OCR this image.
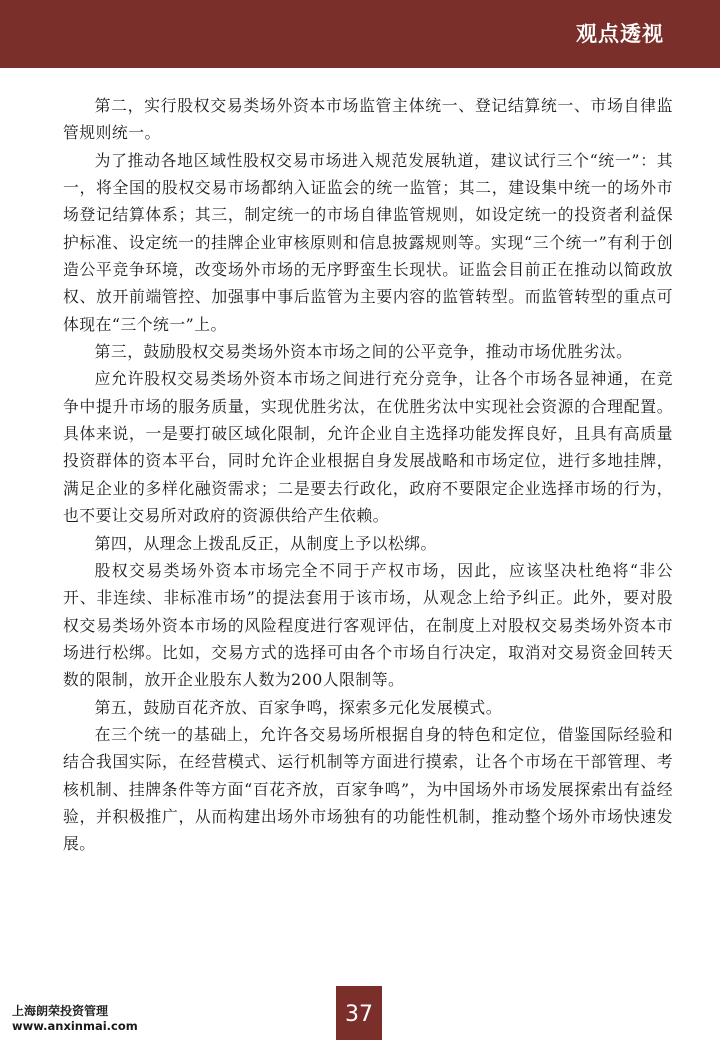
观点透视

第二，实行股权交易类场外资本市场监管主体统一、登记结算统一、市场自律监管规则统一。

为了推动各地区域性股权交易市场进入规范发展轨道，建议试行三个“统一”：其一，将全国的股权交易市场都纳入证监会的统一监管；其二，建设集中统一的场外市场登记结算体系；其三，制定统一的市场自律监管规则，如设定统一的投资者利益保护标准、设定统一的挂牌企业审核原则和信息披露规则等。实现“三个统一”有利于创造公平竞争环境，改变场外市场的无序野蛮生长现状。证监会目前正在推动以简政放权、放开前端管控、加强事中事后监管为主要内容的监管转型。而监管转型的重点可体现在“三个统一”上。

第三，鼓励股权交易类场外资本市场之间的公平竞争，推动市场优胜劣汰。

应允许股权交易类场外资本市场之间进行充分竞争，让各个市场各显神通，在竞争中提升市场的服务质量，实现优胜劣汰，在优胜劣汰中实现社会资源的合理配置。具体来说，一是要打破区域化限制，允许企业自主选择功能发挥良好，且具有高质量投资群体的资本平台，同时允许企业根据自身发展战略和市场定位，进行多地挂牌，满足企业的多样化融资需求；二是要去行政化，政府不要限定企业选择市场的行为，也不要让交易所对政府的资源供给产生依赖。

第四，从理念上拨乱反正，从制度上予以松绑。

股权交易类场外资本市场完全不同于产权市场，因此，应该坚决杜绝将“非公开、非连续、非标准市场”的提法套用于该市场，从观念上给予纠正。此外，要对股权交易类场外资本市场的风险程度进行客观评估，在制度上对股权交易类场外资本市场进行松绑。比如，交易方式的选择可由各个市场自行决定，取消对交易资金回转天数的限制，放开企业股东人数为200人限制等。

第五，鼓励百花齐放、百家争鸣，探索多元化发展模式。

在三个统一的基础上，允许各交易场所根据自身的特色和定位，借鉴国际经验和结合我国实际，在经营模式、运行机制等方面进行摸索，让各个市场在干部管理、考核机制、挂牌条件等方面“百花齐放，百家争鸣”，为中国场外市场发展探索出有益经验，并积极推广，从而构建出场外市场独有的功能性机制，推动整个场外市场快速发展。

上海朗荣投资管理
www.anxinmai.com	37
